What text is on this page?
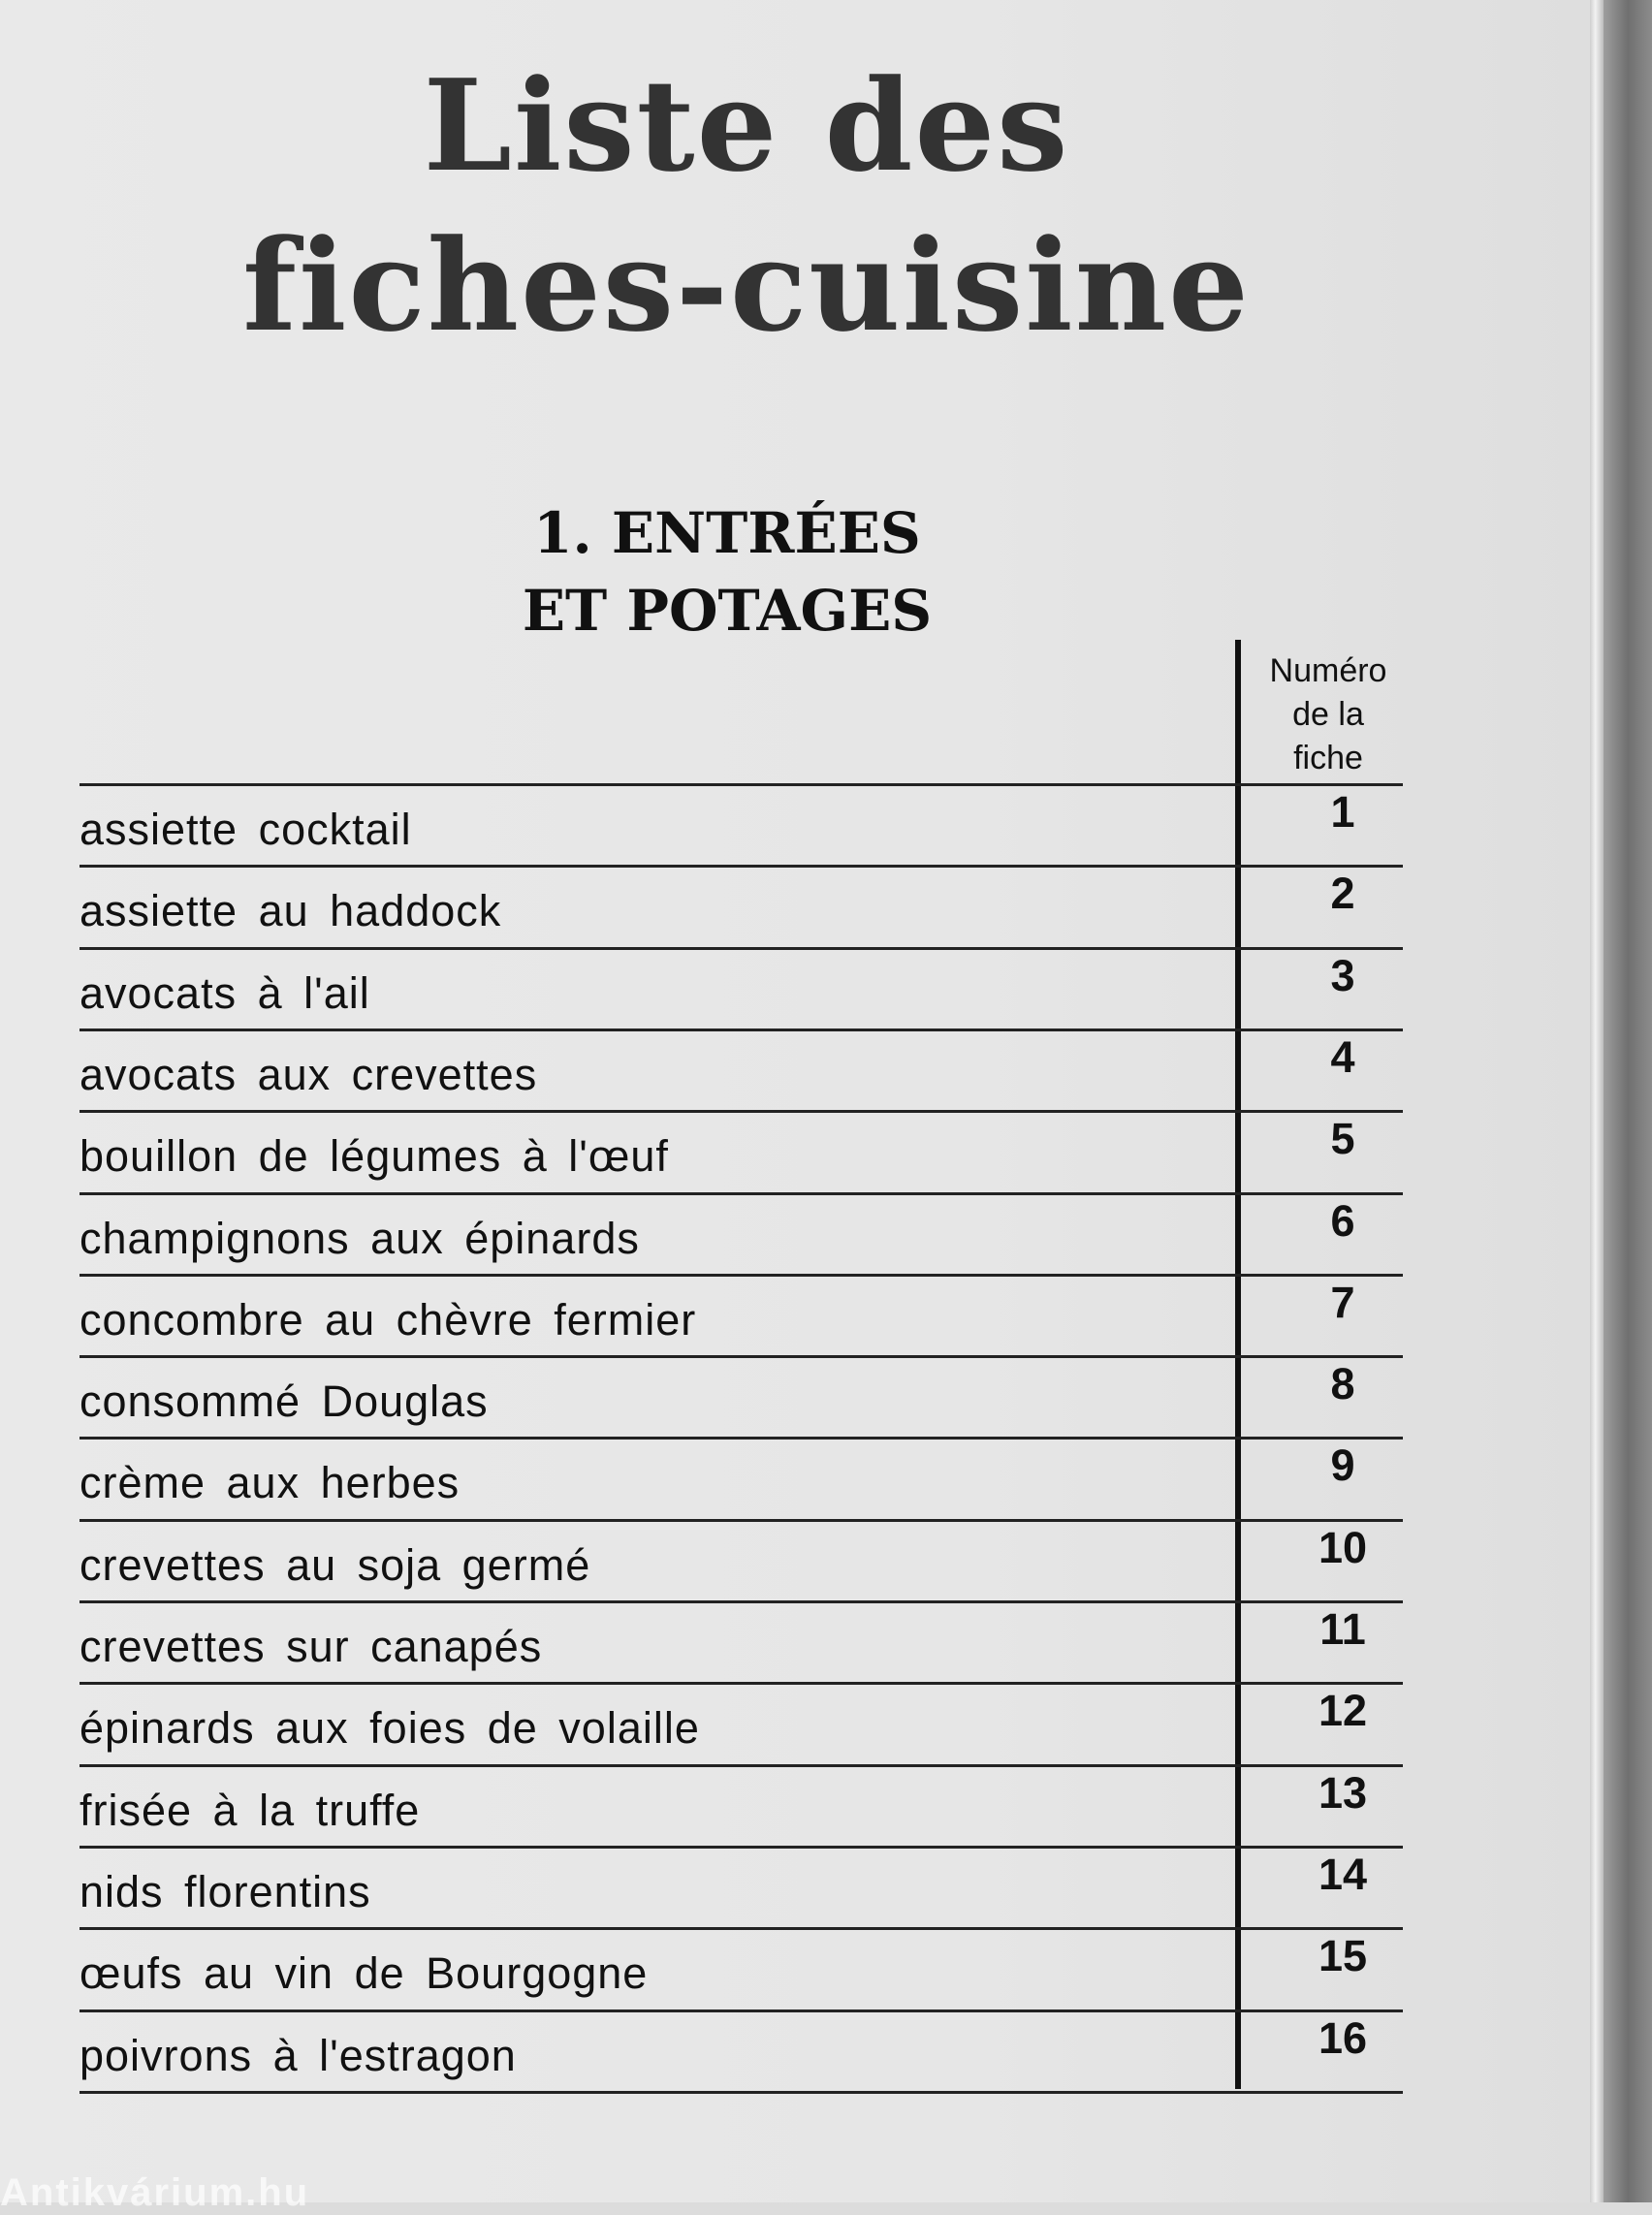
Liste des
fiches-cuisine
1. ENTRÉES
ET POTAGES
Numéro
de la
fiche
assiette cocktail	1
assiette au haddock	2
avocats à l'ail	3
avocats aux crevettes	4
bouillon de légumes à l'œuf	5
champignons aux épinards	6
concombre au chèvre fermier	7
consommé Douglas	8
crème aux herbes	9
crevettes au soja germé	10
crevettes sur canapés	11
épinards aux foies de volaille	12
frisée à la truffe	13
nids florentins	14
œufs au vin de Bourgogne	15
poivrons à l'estragon	16
Antikvárium.hu
